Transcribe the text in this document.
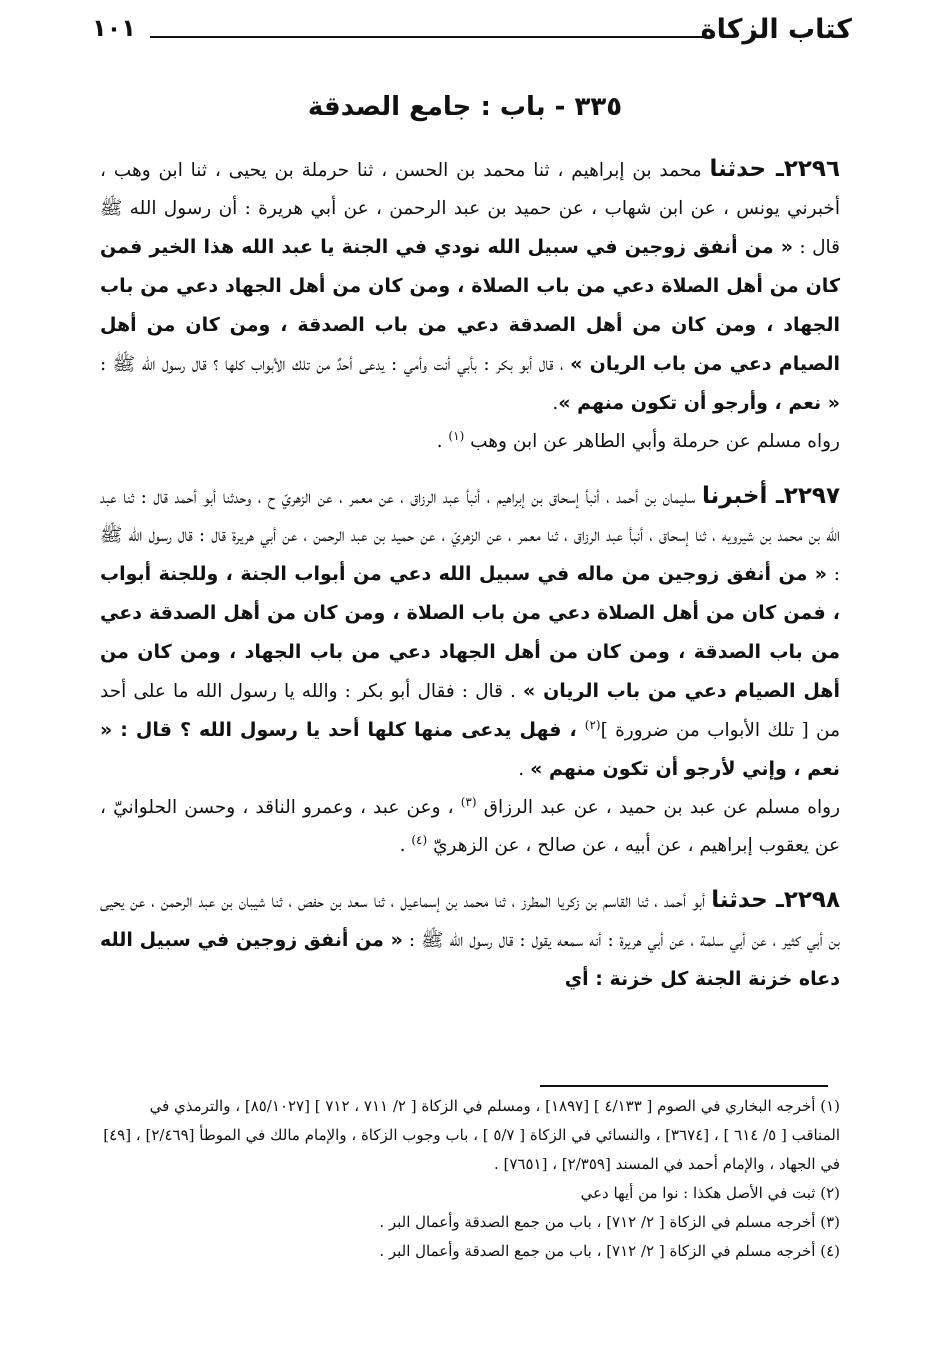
١٠١	كتاب الزكاة
٣٣٥ - باب : جامع الصدقة

٢٢٩٦ـ حدثنا محمد بن إبراهيم ، ثنا محمد بن الحسن ، ثنا حرملة بن يحيى ، ثنا ابن وهب ، أخبرني يونس ، عن ابن شهاب ، عن حميد بن عبد الرحمن ، عن أبي هريرة : أن رسول الله ﷺ قال : « من أنفق زوجين في سبيل الله نودي في الجنة يا عبد الله هذا الخير فمن كان من أهل الصلاة دعي من باب الصلاة ، ومن كان من أهل الجهاد دعي من باب الجهاد ، ومن كان من أهل الصدقة دعي من باب الصدقة ، ومن كان من أهل الصيام دعي من باب الريان » ، قال أبو بكر : بأبي أنت وأمي : يدعى أحدٌ من تلك الأبواب كلها ؟ قال رسول الله ﷺ : « نعم ، وأرجو أن تكون منهم ».

رواه مسلم عن حرملة وأبي الطاهر عن ابن وهب $^{(١)}$ .

٢٢٩٧ـ أخبرنا سليمان بن أحمد ، أنبأ إسحاق بن إبراهيم ، أنبأ عبد الرزاق ، عن معمر ، عن الزهريّ ح ، وحدثنا أبو أحمد قال : ثنا عبد الله بن محمد بن شيرويه ، ثنا إسحاق ، أنبأ عبد الرزاق ، ثنا معمر ، عن الزهريّ ، عن حميد بن عبد الرحمن ، عن أبي هريرة قال : قال رسول الله ﷺ : « من أنفق زوجين من ماله في سبيل الله دعي من أبواب الجنة ، وللجنة أبواب ، فمن كان من أهل الصلاة دعي من باب الصلاة ، ومن كان من أهل الصدقة دعي من باب الصدقة ، ومن كان من أهل الجهاد دعي من باب الجهاد ، ومن كان من أهل الصيام دعي من باب الريان » . قال : فقال أبو بكر : والله يا رسول الله ما على أحد من [ تلك الأبواب من ضرورة ]$^{(٢)}$ ، فهل يدعى منها كلها أحد يا رسول الله ؟ قال : « نعم ، وإني لأرجو أن تكون منهم » .

رواه مسلم عن عبد بن حميد ، عن عبد الرزاق $^{(٣)}$ ، وعن عبد ، وعمرو الناقد ، وحسن الحلوانيّ ، عن يعقوب إبراهيم ، عن أبيه ، عن صالح ، عن الزهريّ $^{(٤)}$ .

٢٢٩٨ـ حدثنا أبو أحمد ، ثنا القاسم بن زكريا المطرز ، ثنا محمد بن إسماعيل ، ثنا سعد بن حفص ، ثنا شيبان بن عبد الرحمن ، عن يحيى بن أبي كثير ، عن أبي سلمة ، عن أبي هريرة : أنه سمعه يقول : قال رسول الله ﷺ : « من أنفق زوجين في سبيل الله دعاه خزنة الجنة كل خزنة : أي

(١) أخرجه البخاري في الصوم [ ٤/١٣٣ ] [١٨٩٧] ، ومسلم في الزكاة [ ٢/ ٧١١ ، ٧١٢ ] [٨٥/١٠٢٧] ، والترمذي في المناقب [ ٥/ ٦١٤ ] ، [٣٦٧٤] ، والنسائي في الزكاة [ ٥/٧ ] ، باب وجوب الزكاة ، والإمام مالك في الموطأ [٢/٤٦٩] ، [٤٩] في الجهاد ، والإمام أحمد في المسند [٢/٣٥٩] ، [٧٦٥١] .

(٢) ثبت في الأصل هكذا : نوا من أيها دعي

(٣) أخرجه مسلم في الزكاة [ ٢/ ٧١٢] ، باب من جمع الصدقة وأعمال البر .

(٤) أخرجه مسلم في الزكاة [ ٢/ ٧١٢] ، باب من جمع الصدقة وأعمال البر .
